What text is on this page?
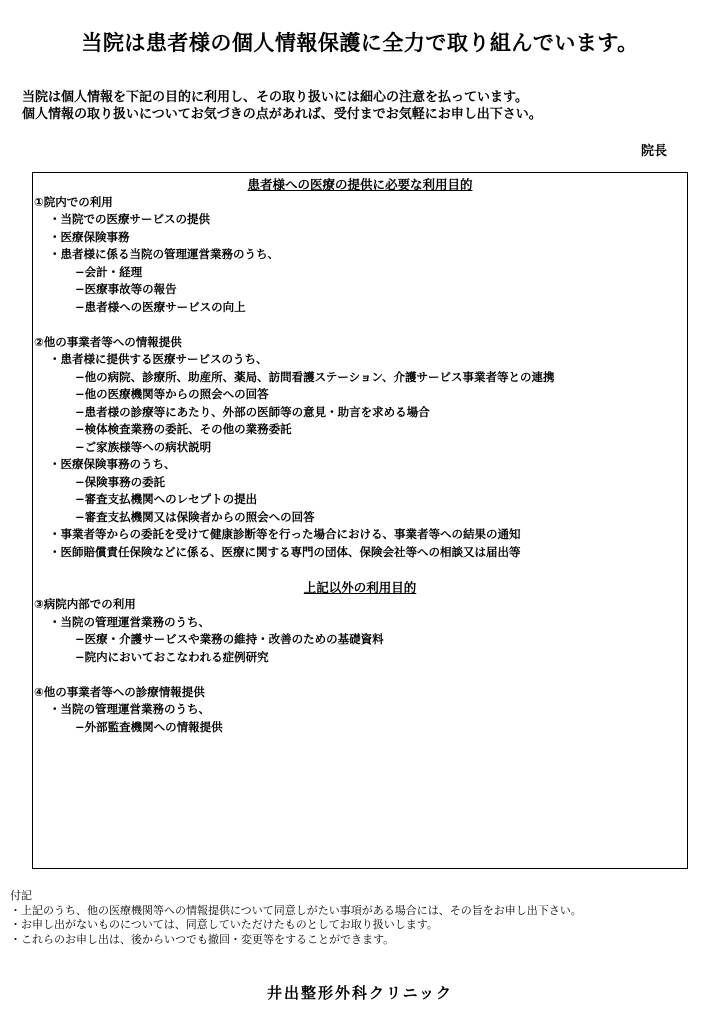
当院は患者様の個人情報保護に全力で取り組んでいます。
当院は個人情報を下記の目的に利用し、その取り扱いには細心の注意を払っています。
個人情報の取り扱いについてお気づきの点があれば、受付までお気軽にお申し出下さい。
院長
患者様への医療の提供に必要な利用目的
①院内での利用
・当院での医療サービスの提供
・医療保険事務
・患者様に係る当院の管理運営業務のうち、
−会計・経理
−医療事故等の報告
−患者様への医療サービスの向上
②他の事業者等への情報提供
・患者様に提供する医療サービスのうち、
−他の病院、診療所、助産所、薬局、訪問看護ステーション、介護サービス事業者等との連携
−他の医療機関等からの照会への回答
−患者様の診療等にあたり、外部の医師等の意見・助言を求める場合
−検体検査業務の委託、その他の業務委託
−ご家族様等への病状説明
・医療保険事務のうち、
−保険事務の委託
−審査支払機関へのレセプトの提出
−審査支払機関又は保険者からの照会への回答
・事業者等からの委託を受けて健康診断等を行った場合における、事業者等への結果の通知
・医師賠償責任保険などに係る、医療に関する専門の団体、保険会社等への相談又は届出等
上記以外の利用目的
③病院内部での利用
・当院の管理運営業務のうち、
−医療・介護サービスや業務の維持・改善のための基礎資料
−院内においておこなわれる症例研究
④他の事業者等への診療情報提供
・当院の管理運営業務のうち、
−外部監査機関への情報提供
付記
・上記のうち、他の医療機関等への情報提供について同意しがたい事項がある場合には、その旨をお申し出下さい。
・お申し出がないものについては、同意していただけたものとしてお取り扱いします。
・これらのお申し出は、後からいつでも撤回・変更等をすることができます。
井出整形外科クリニック
